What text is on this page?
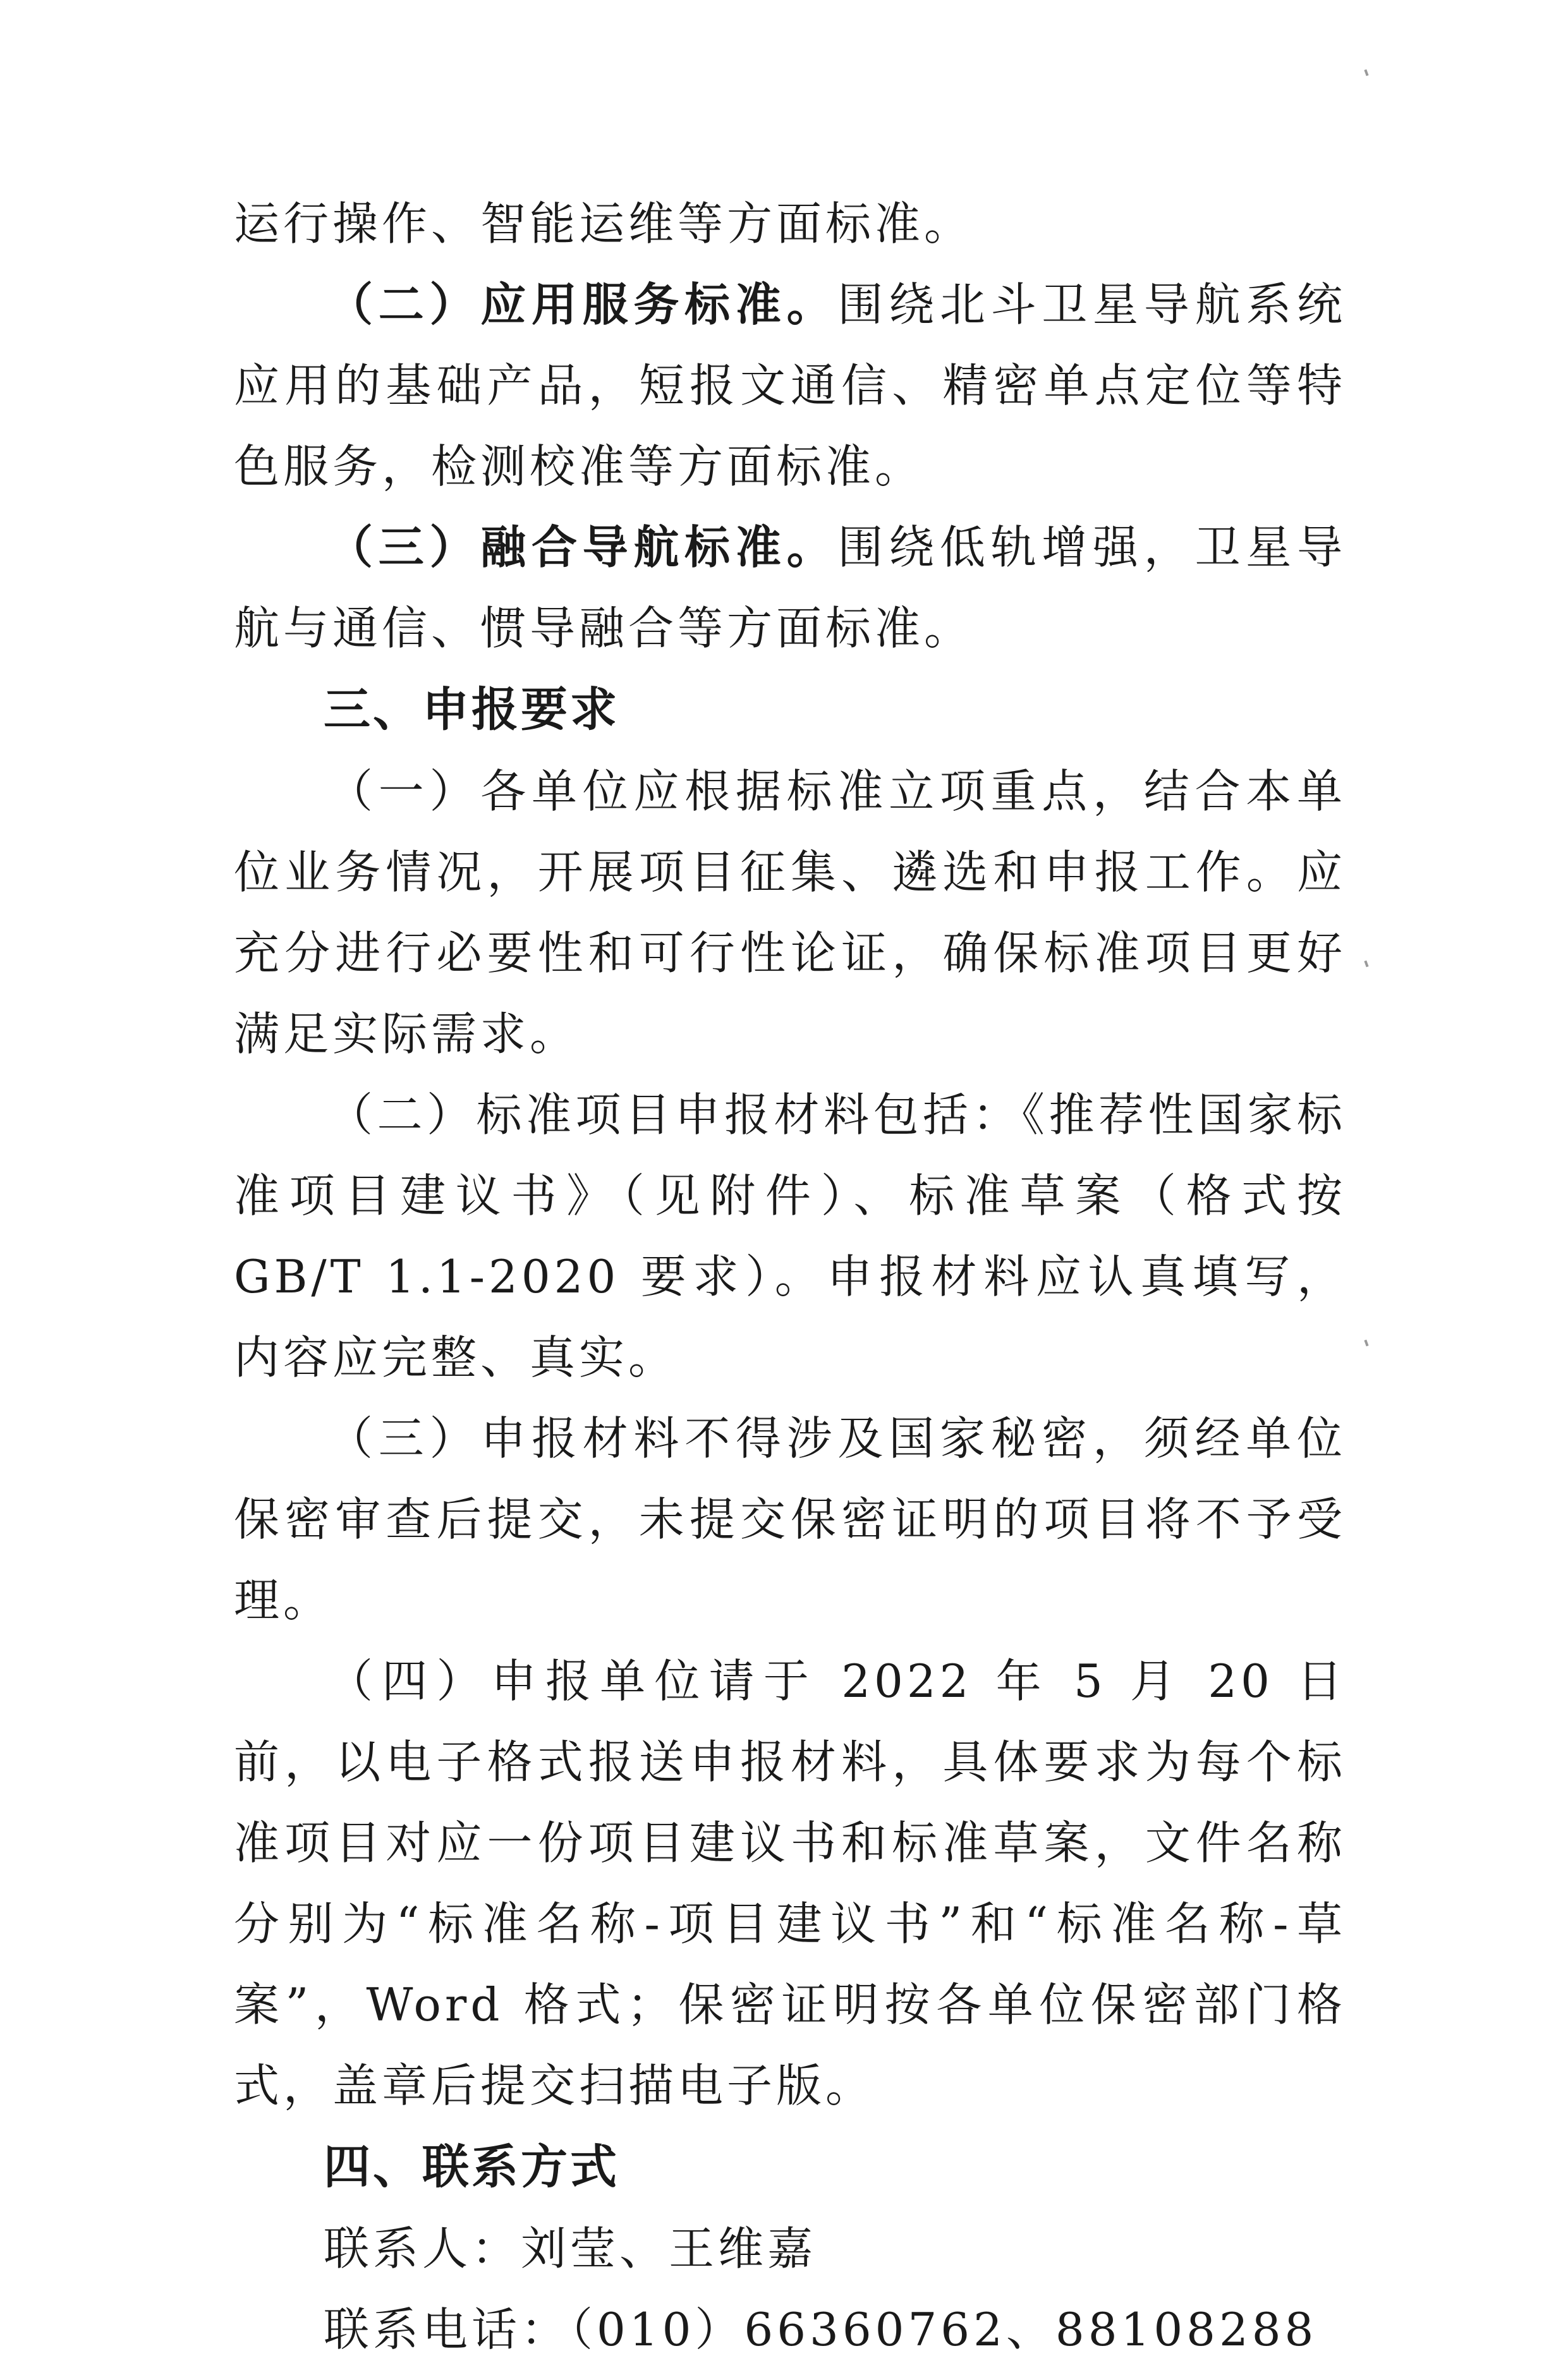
运行操作、智能运维等方面标准。

（二）应用服务标准。围绕北斗卫星导航系统应用的基础产品，短报文通信、精密单点定位等特色服务，检测校准等方面标准。

（三）融合导航标准。围绕低轨增强，卫星导航与通信、惯导融合等方面标准。

三、申报要求

（一）各单位应根据标准立项重点，结合本单位业务情况，开展项目征集、遴选和申报工作。应充分进行必要性和可行性论证，确保标准项目更好满足实际需求。

（二）标准项目申报材料包括：《推荐性国家标准项目建议书》（见附件）、标准草案（格式按 GB/T 1.1-2020 要求）。申报材料应认真填写，内容应完整、真实。

（三）申报材料不得涉及国家秘密，须经单位保密审查后提交，未提交保密证明的项目将不予受理。

（四）申报单位请于 2022 年 5 月 20 日前，以电子格式报送申报材料，具体要求为每个标准项目对应一份项目建议书和标准草案，文件名称分别为“标准名称-项目建议书”和“标准名称-草案”，Word 格式；保密证明按各单位保密部门格式，盖章后提交扫描电子版。

四、联系方式

联系人：刘莹、王维嘉

联系电话：（010）66360762、88108288
